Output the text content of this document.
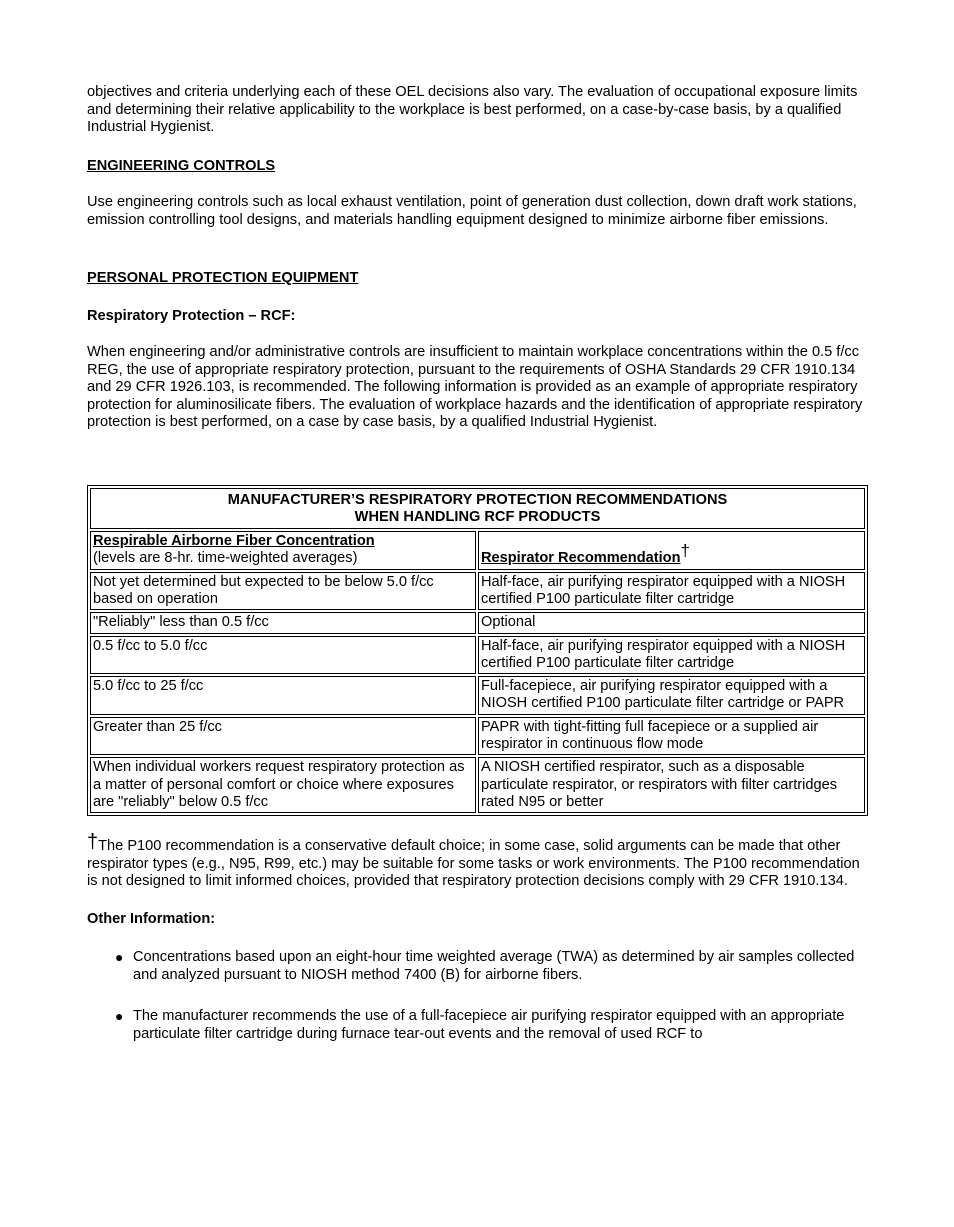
objectives and criteria underlying each of these OEL decisions also vary. The evaluation of occupational exposure limits and determining their relative applicability to the workplace is best performed, on a case-by-case basis, by a qualified Industrial Hygienist.

ENGINEERING CONTROLS

Use engineering controls such as local exhaust ventilation, point of generation dust collection, down draft work stations, emission controlling tool designs, and materials handling equipment designed to minimize airborne fiber emissions.

PERSONAL PROTECTION EQUIPMENT

Respiratory Protection – RCF:

When engineering and/or administrative controls are insufficient to maintain workplace concentrations within the 0.5 f/cc REG, the use of appropriate respiratory protection, pursuant to the requirements of OSHA Standards 29 CFR 1910.134 and 29 CFR 1926.103, is recommended. The following information is provided as an example of appropriate respiratory protection for aluminosilicate fibers. The evaluation of workplace hazards and the identification of appropriate respiratory protection is best performed, on a case by case basis, by a qualified Industrial Hygienist.

MANUFACTURER’S RESPIRATORY PROTECTION RECOMMENDATIONS
WHEN HANDLING RCF PRODUCTS	
Respirable Airborne Fiber Concentration
(levels are 8-hr. time-weighted averages)	Respirator Recommendation†
Not yet determined but expected to be below 5.0 f/cc based on operation	Half-face, air purifying respirator equipped with a NIOSH certified P100 particulate filter cartridge
"Reliably" less than 0.5 f/cc	Optional
0.5 f/cc to 5.0 f/cc	Half-face, air purifying respirator equipped with a NIOSH certified P100 particulate filter cartridge
5.0 f/cc to 25 f/cc	Full-facepiece, air purifying respirator equipped with a NIOSH certified P100 particulate filter cartridge or PAPR
Greater than 25 f/cc	PAPR with tight-fitting full facepiece or a supplied air respirator in continuous flow mode
When individual workers request respiratory protection as a matter of personal comfort or choice where exposures are "reliably" below 0.5 f/cc	A NIOSH certified respirator, such as a disposable particulate respirator, or respirators with filter cartridges rated N95 or better

†The P100 recommendation is a conservative default choice; in some case, solid arguments can be made that other respirator types (e.g., N95, R99, etc.) may be suitable for some tasks or work environments. The P100 recommendation is not designed to limit informed choices, provided that respiratory protection decisions comply with 29 CFR 1910.134.

Other Information:

● Concentrations based upon an eight-hour time weighted average (TWA) as determined by air samples collected and analyzed pursuant to NIOSH method 7400 (B) for airborne fibers.
● The manufacturer recommends the use of a full-facepiece air purifying respirator equipped with an appropriate particulate filter cartridge during furnace tear-out events and the removal of used RCF to
